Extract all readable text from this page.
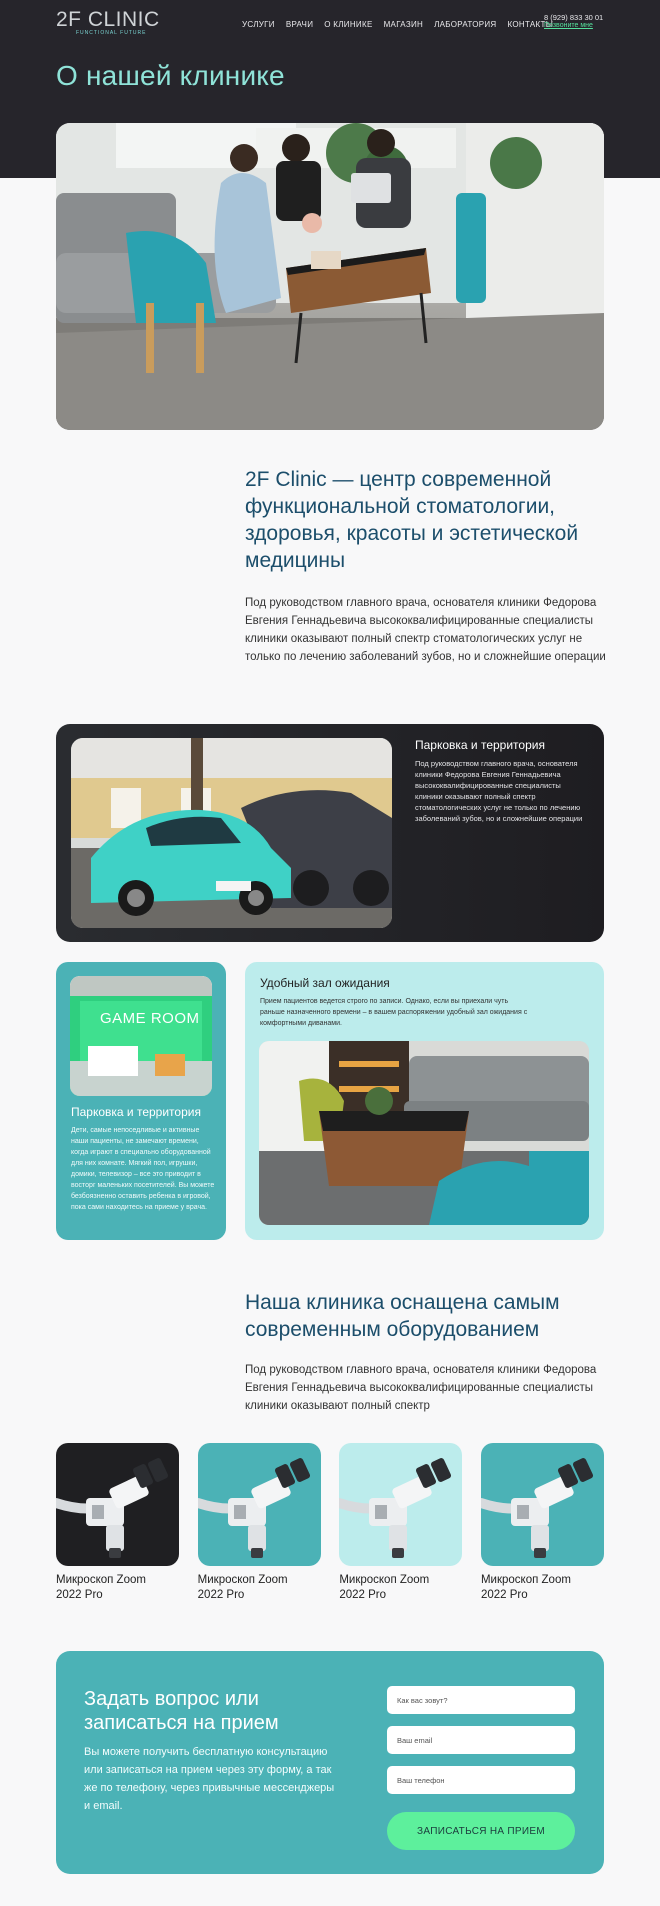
2F CLINIC
FUNCTIONAL FUTURE
УСЛУГИ ВРАЧИ О КЛИНИКЕ МАГАЗИН ЛАБОРАТОРИЯ КОНТАКТЫ
8 (929) 833 30 01
Позвоните мне
О нашей клинике
2F Clinic — центр современной функциональной стоматологии, здоровья, красоты и эстетической медицины

Под руководством главного врача, основателя клиники Федорова Евгения Геннадьевича высококвалифицированные специалисты клиники оказывают полный спектр стоматологических услуг не только по лечению заболеваний зубов, но и сложнейшие операции

Парковка и территория
Под руководством главного врача, основателя клиники Федорова Евгения Геннадьевича высококвалифицированные специалисты клиники оказывают полный спектр стоматологических услуг не только по лечению заболеваний зубов, но и сложнейшие операции
GAME ROOM
Парковка и территория
Дети, самые непоседливые и активные наши пациенты, не замечают времени, когда играют в специально оборудованной для них комнате. Мягкий пол, игрушки, домики, телевизор – все это приводит в восторг маленьких посетителей. Вы можете безбоязненно оставить ребенка в игровой, пока сами находитесь на приеме у врача.
Удобный зал ожидания
Прием пациентов ведется строго по записи. Однако, если вы приехали чуть раньше назначенного времени – в вашем распоряжении удобный зал ожидания с комфортными диванами.
Наша клиника оснащена самым современным оборудованием

Под руководством главного врача, основателя клиники Федорова Евгения Геннадьевича высококвалифицированные специалисты клиники оказывают полный спектр

Микроскоп Zoom 2022 Pro
Микроскоп Zoom 2022 Pro
Микроскоп Zoom 2022 Pro
Микроскоп Zoom 2022 Pro
Задать вопрос или записаться на прием

Вы можете получить бесплатную консультацию или записаться на прием через эту форму, а так же по телефону, через привычные мессенджеры и email.

Как вас зовут?
Ваш email
Ваш телефон
ЗАПИСАТЬСЯ НА ПРИЕМ
